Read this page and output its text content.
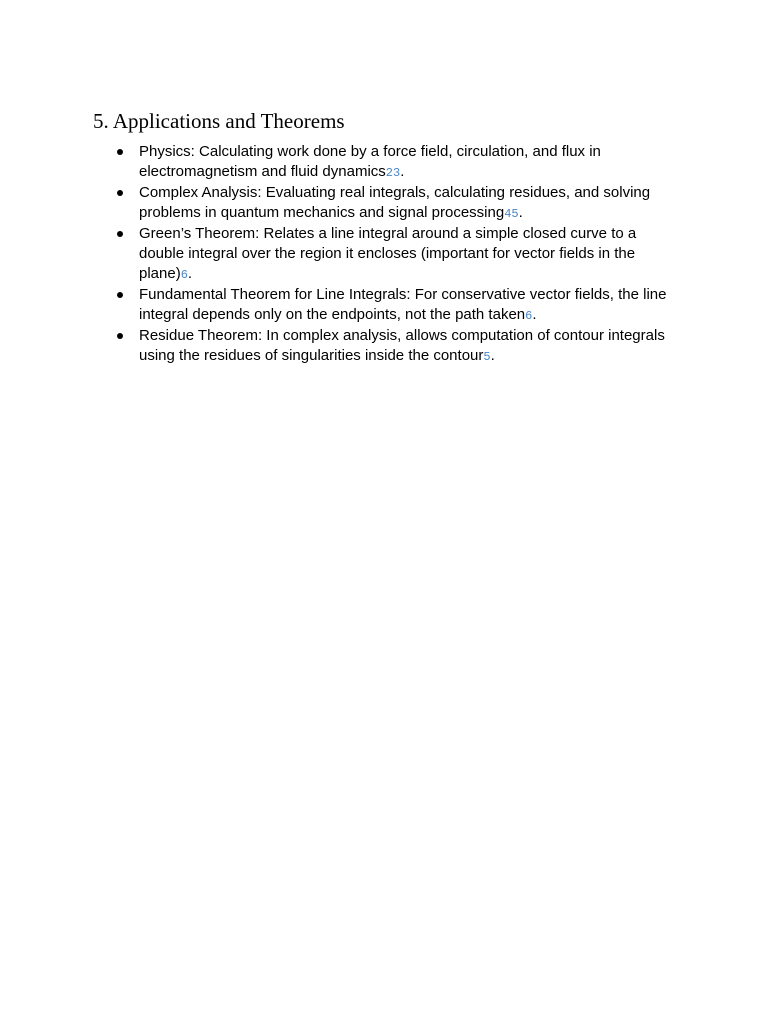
5. Applications and Theorems
Physics: Calculating work done by a force field, circulation, and flux in electromagnetism and fluid dynamics23.
Complex Analysis: Evaluating real integrals, calculating residues, and solving problems in quantum mechanics and signal processing45.
Green’s Theorem: Relates a line integral around a simple closed curve to a double integral over the region it encloses (important for vector fields in the plane)6.
Fundamental Theorem for Line Integrals: For conservative vector fields, the line integral depends only on the endpoints, not the path taken6.
Residue Theorem: In complex analysis, allows computation of contour integrals using the residues of singularities inside the contour5.
